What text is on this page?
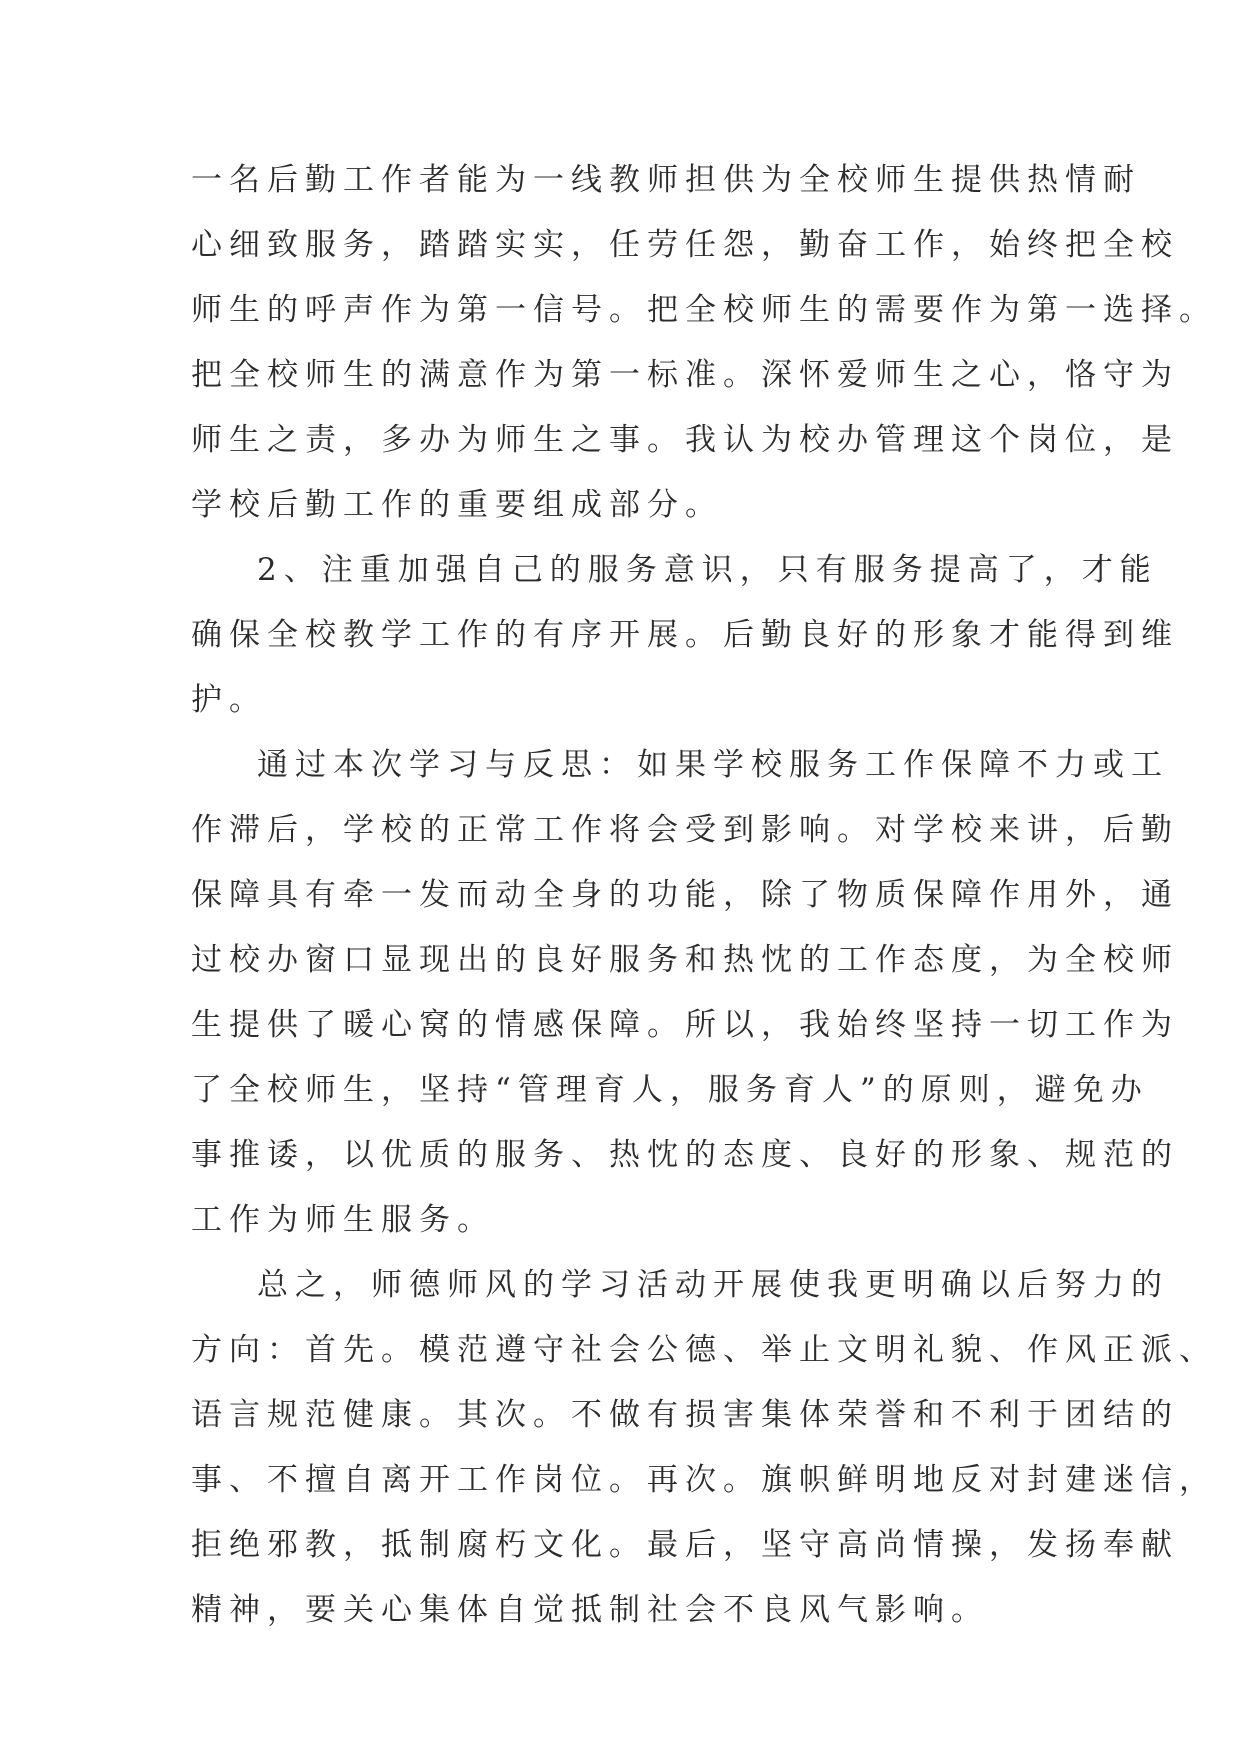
一名后勤工作者能为一线教师担供为全校师生提供热情耐
心细致服务，踏踏实实，任劳任怨，勤奋工作，始终把全校
师生的呼声作为第一信号。把全校师生的需要作为第一选择。
把全校师生的满意作为第一标准。深怀爱师生之心，恪守为
师生之责，多办为师生之事。我认为校办管理这个岗位，是
学校后勤工作的重要组成部分。
2、注重加强自己的服务意识，只有服务提高了，才能
确保全校教学工作的有序开展。后勤良好的形象才能得到维
护。
通过本次学习与反思：如果学校服务工作保障不力或工
作滞后，学校的正常工作将会受到影响。对学校来讲，后勤
保障具有牵一发而动全身的功能，除了物质保障作用外，通
过校办窗口显现出的良好服务和热忱的工作态度，为全校师
生提供了暖心窝的情感保障。所以，我始终坚持一切工作为
了全校师生，坚持“管理育人，服务育人”的原则，避免办
事推诿，以优质的服务、热忱的态度、良好的形象、规范的
工作为师生服务。
总之，师德师风的学习活动开展使我更明确以后努力的
方向：首先。模范遵守社会公德、举止文明礼貌、作风正派、
语言规范健康。其次。不做有损害集体荣誉和不利于团结的
事、不擅自离开工作岗位。再次。旗帜鲜明地反对封建迷信，
拒绝邪教，抵制腐朽文化。最后，坚守高尚情操，发扬奉献
精神，要关心集体自觉抵制社会不良风气影响。
